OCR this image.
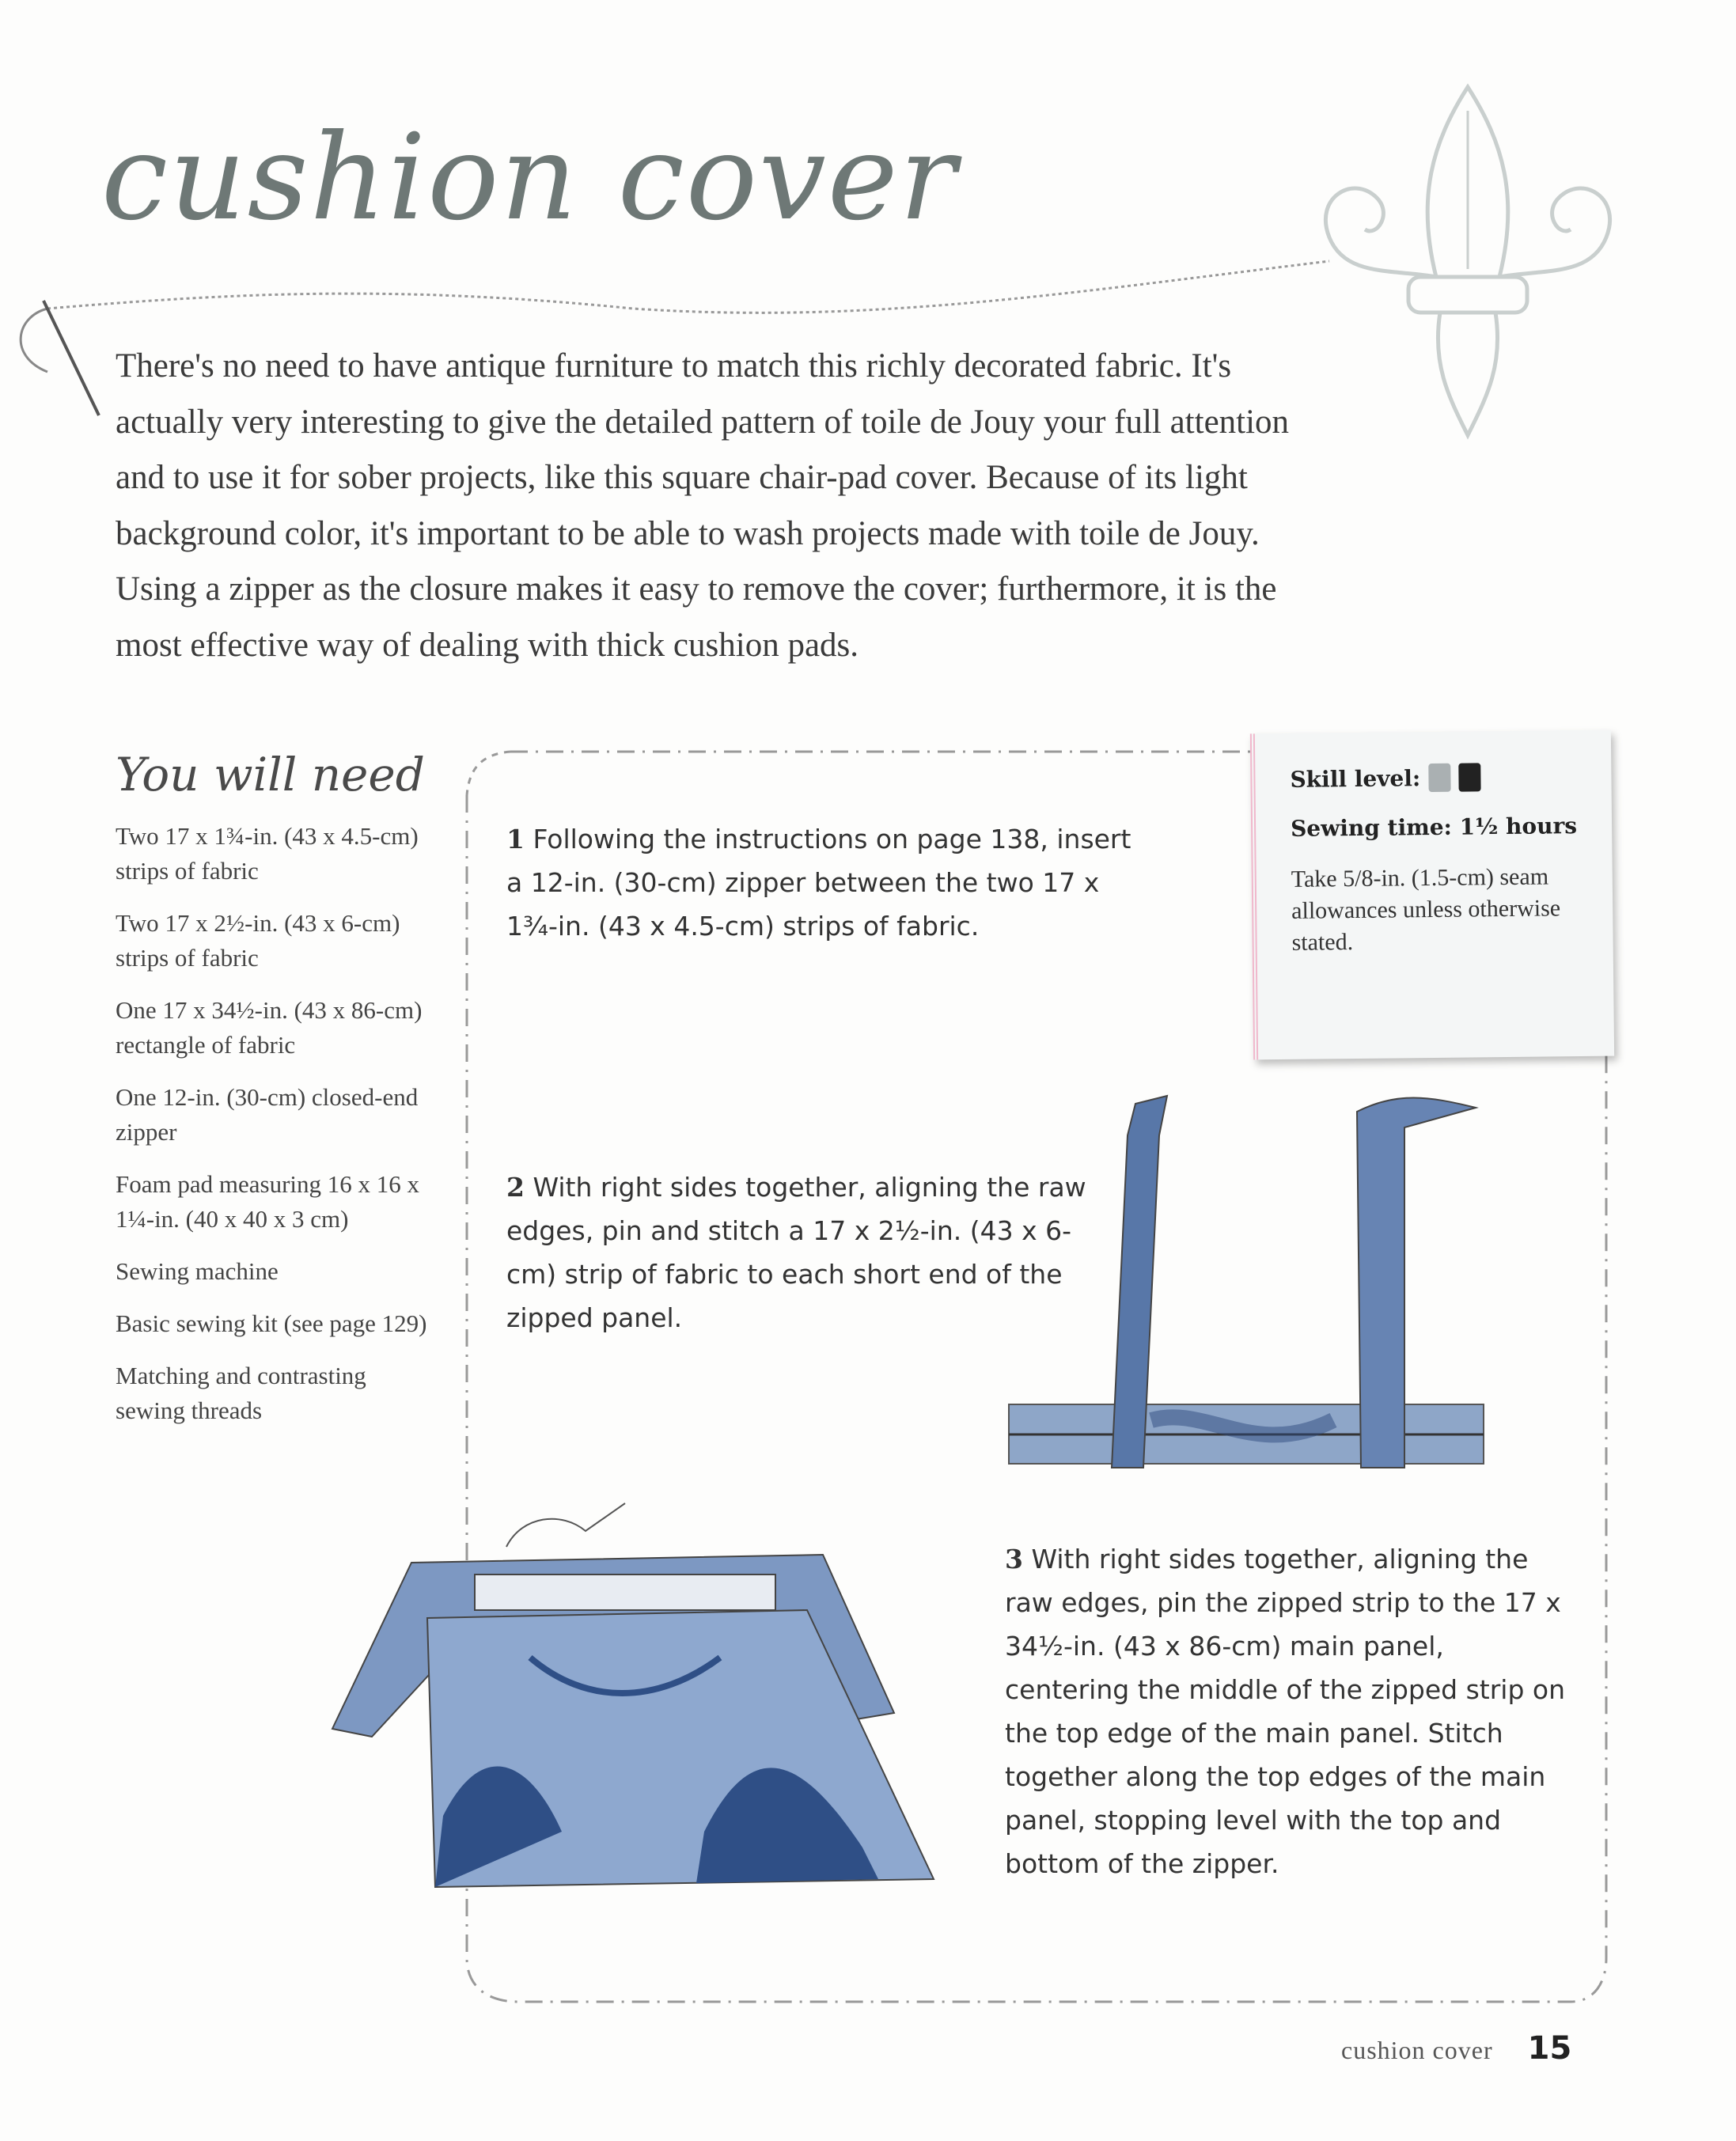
cushion cover

There's no need to have antique furniture to match this richly decorated fabric. It's actually very interesting to give the detailed pattern of toile de Jouy your full attention and to use it for sober projects, like this square chair-pad cover. Because of its light background color, it's important to be able to wash projects made with toile de Jouy. Using a zipper as the closure makes it easy to remove the cover; furthermore, it is the most effective way of dealing with thick cushion pads.

You will need
Two 17 x 1¾-in. (43 x 4.5-cm) strips of fabric
Two 17 x 2½-in. (43 x 6-cm) strips of fabric
One 17 x 34½-in. (43 x 86-cm) rectangle of fabric
One 12-in. (30-cm) closed-end zipper
Foam pad measuring 16 x 16 x 1¼-in. (40 x 40 x 3 cm)
Sewing machine
Basic sewing kit (see page 129)
Matching and contrasting sewing threads
1 Following the instructions on page 138, insert a 12-in. (30-cm) zipper between the two 17 x 1¾-in. (43 x 4.5-cm) strips of fabric.
2 With right sides together, aligning the raw edges, pin and stitch a 17 x 2½-in. (43 x 6-cm) strip of fabric to each short end of the zipped panel.
3 With right sides together, aligning the raw edges, pin the zipped strip to the 17 x 34½-in. (43 x 86-cm) main panel, centering the middle of the zipped strip on the top edge of the main panel. Stitch together along the top edges of the main panel, stopping level with the top and bottom of the zipper.
Skill level:
Sewing time: 1½ hours
Take 5/8-in. (1.5-cm) seam allowances unless otherwise stated.
cushion cover 15
